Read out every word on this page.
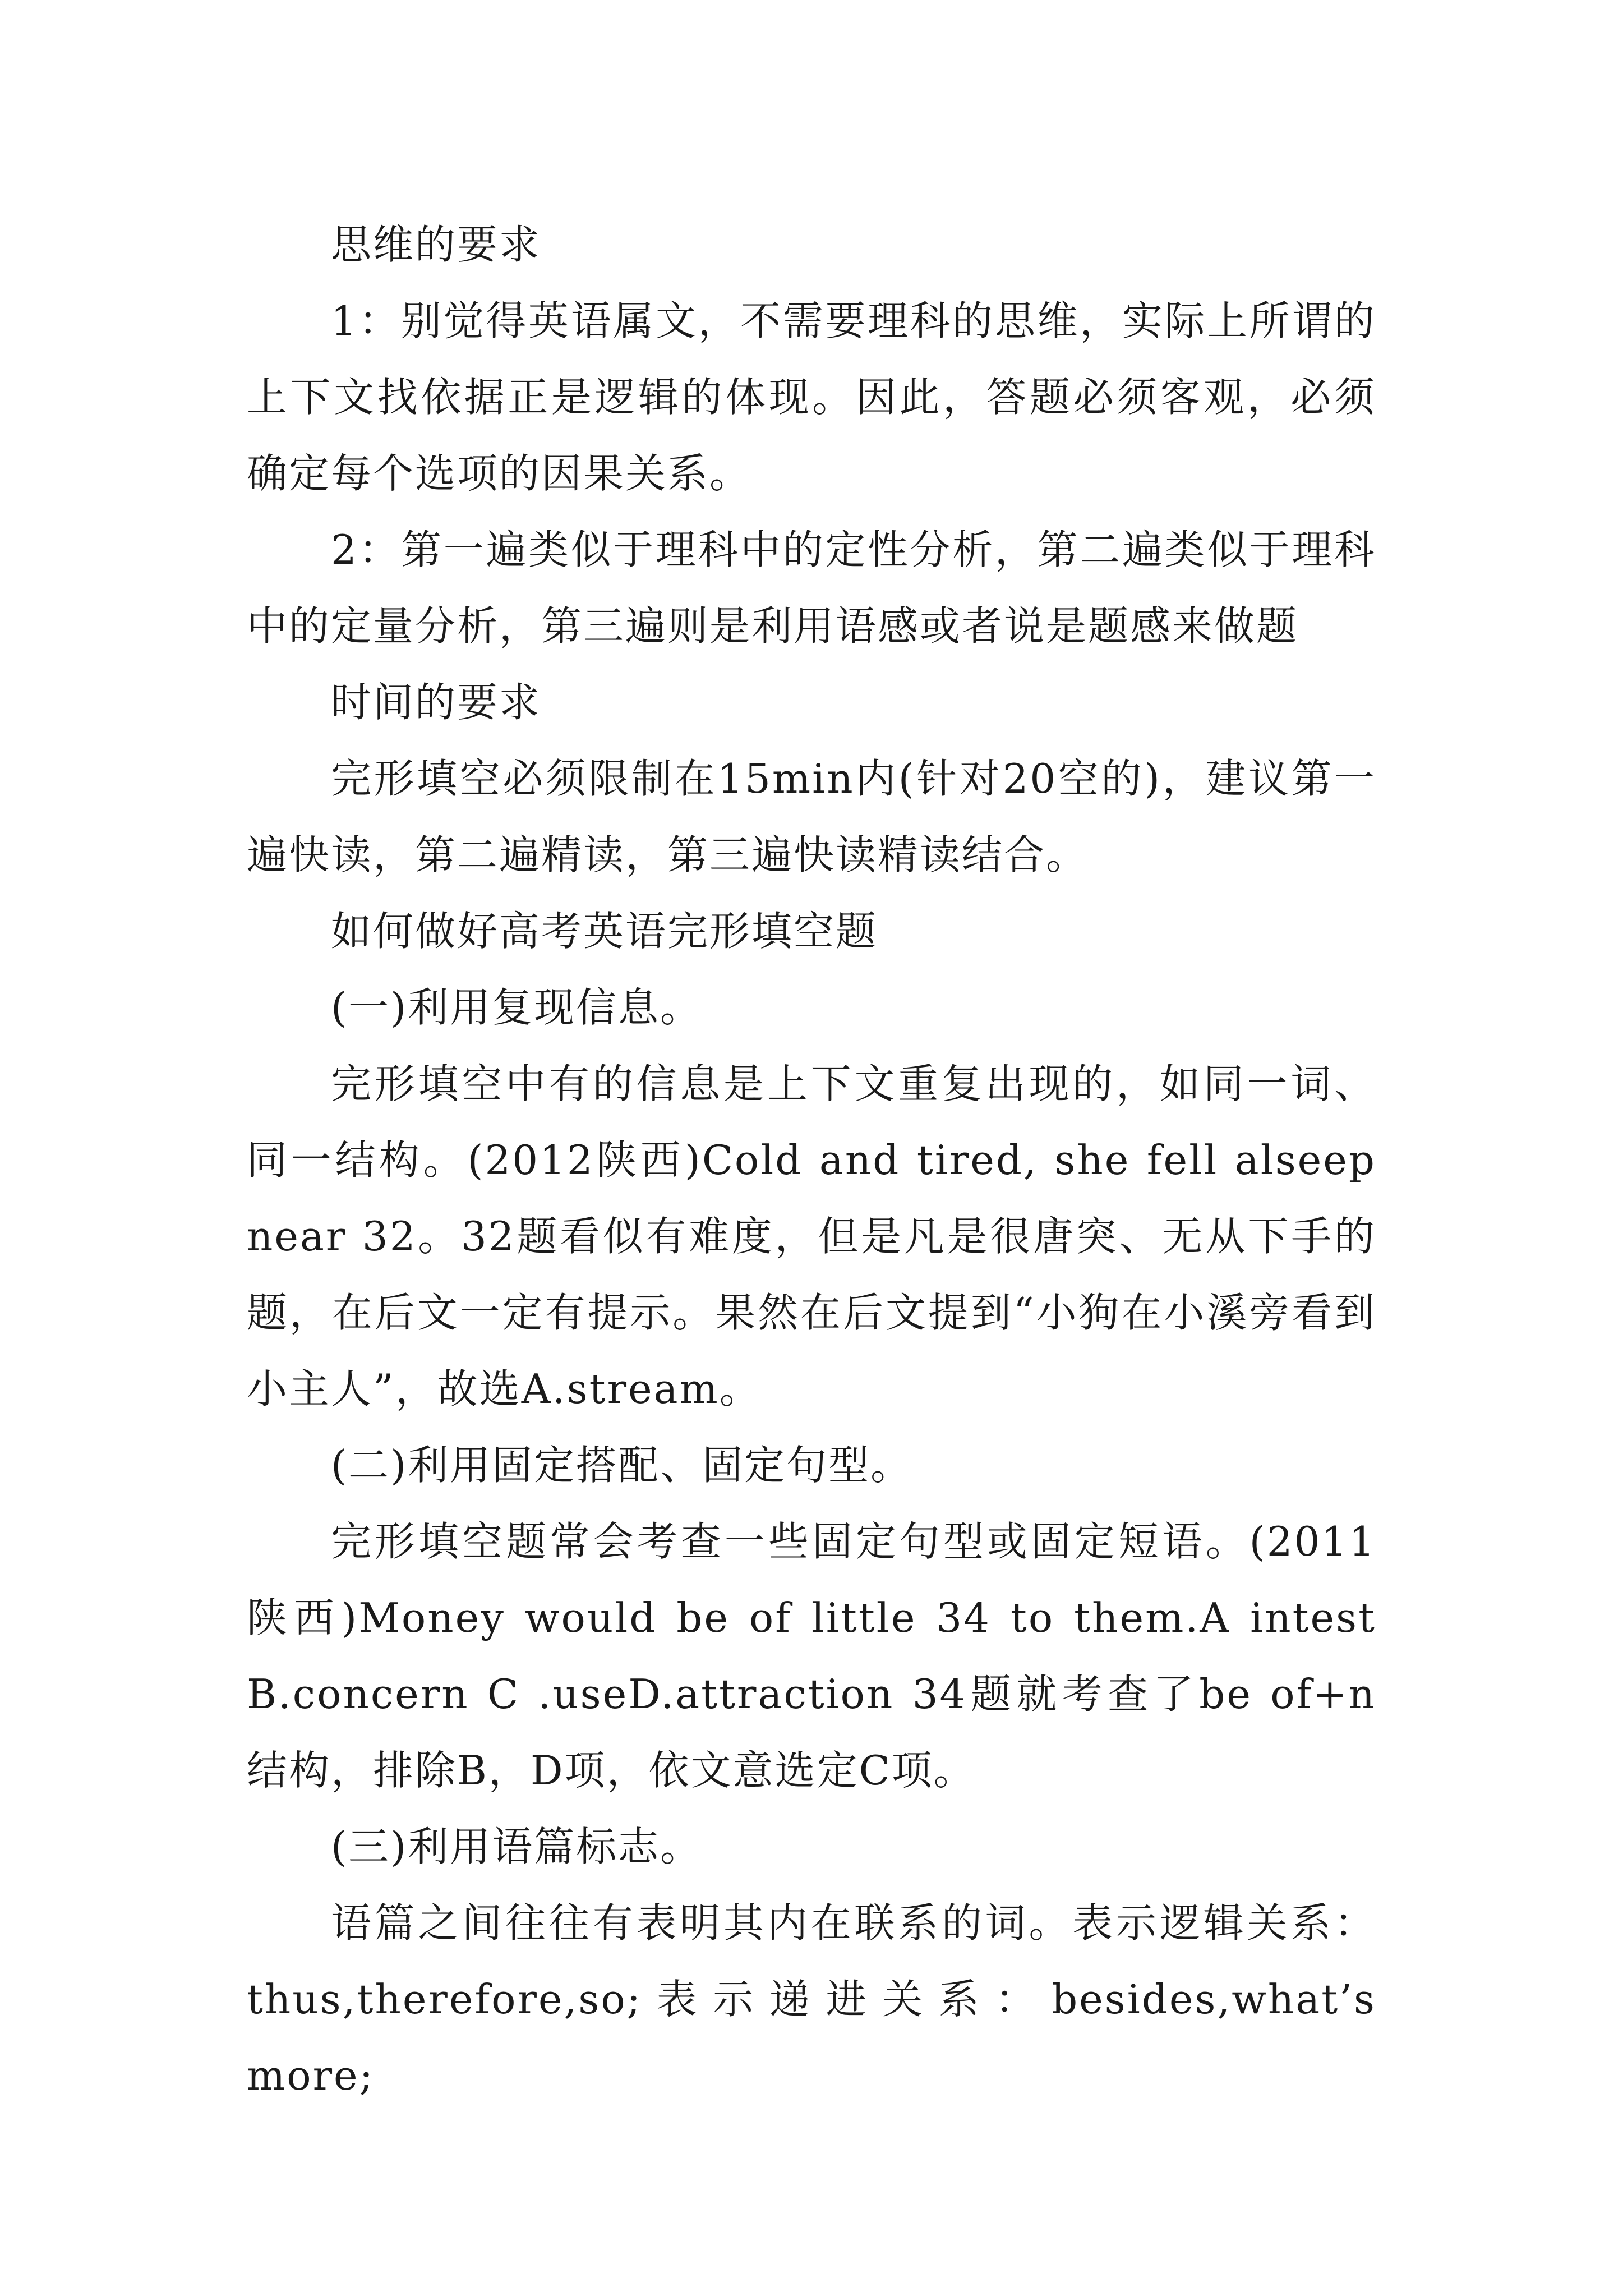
思维的要求

1：别觉得英语属文，不需要理科的思维，实际上所谓的上下文找依据正是逻辑的体现。因此，答题必须客观，必须确定每个选项的因果关系。

2：第一遍类似于理科中的定性分析，第二遍类似于理科中的定量分析，第三遍则是利用语感或者说是题感来做题

时间的要求

完形填空必须限制在15min内(针对20空的)，建议第一遍快读，第二遍精读，第三遍快读精读结合。

如何做好高考英语完形填空题

(一)利用复现信息。

完形填空中有的信息是上下文重复出现的，如同一词、同一结构。(2012陕西)Cold and tired, she fell alseep near 32。32题看似有难度，但是凡是很唐突、无从下手的题，在后文一定有提示。果然在后文提到“小狗在小溪旁看到小主人”，故选A.stream。

(二)利用固定搭配、固定句型。

完形填空题常会考查一些固定句型或固定短语。(2011陕西)Money would be of little 34 to them.A intest B.concern C .useD.attraction 34题就考查了be of+n结构，排除B，D项，依文意选定C项。

(三)利用语篇标志。

语篇之间往往有表明其内在联系的词。表示逻辑关系：thus,therefore,so;表示递进关系：besides,what’s more;
